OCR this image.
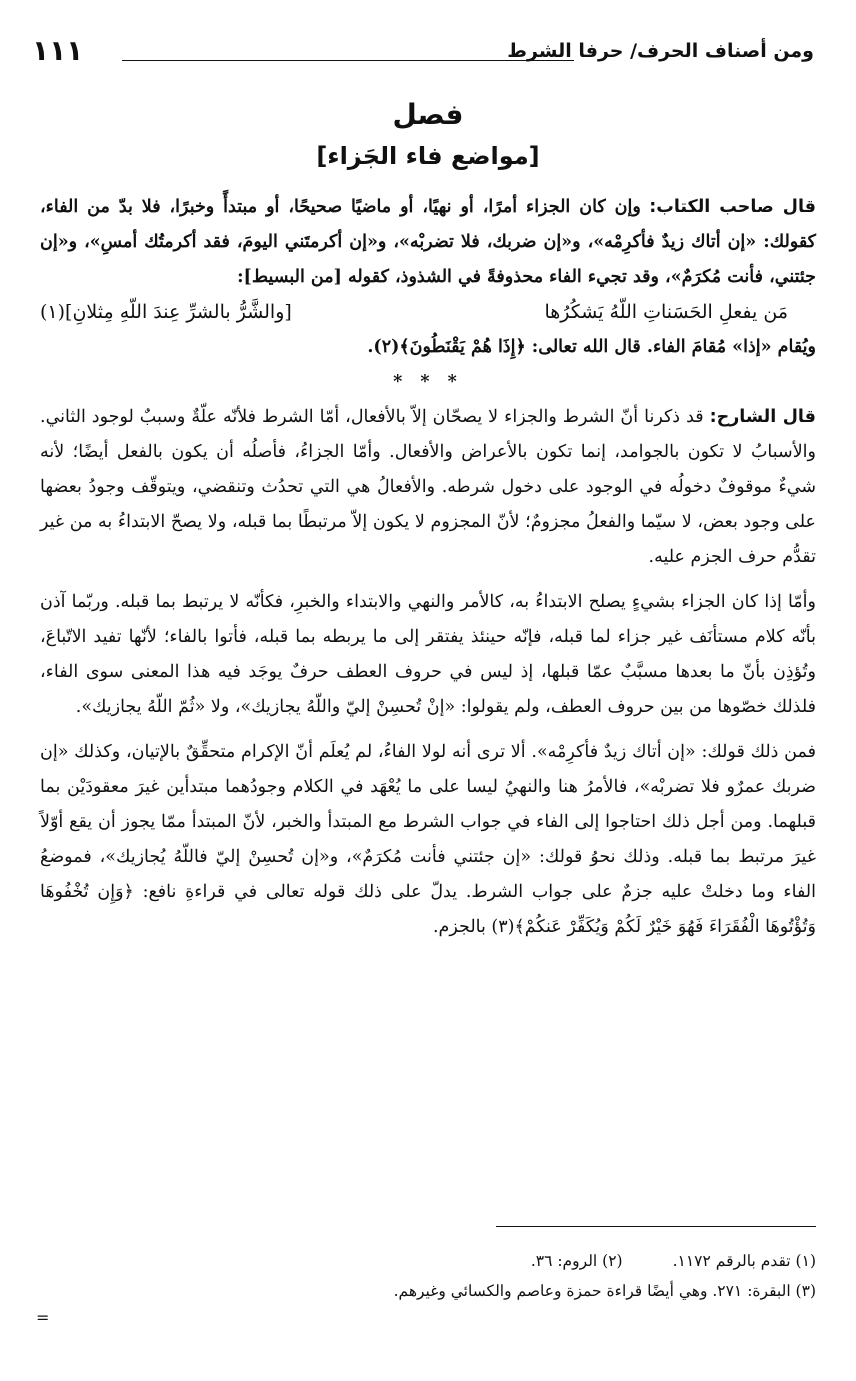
ومن أصناف الحرف/ حرفا الشرط
١١١
فصل
[مواضع فاء الجَزاء]

قال صاحب الكتاب: وإن كان الجزاء أمرًا، أو نهيًا، أو ماضيًا صحيحًا، أو مبتدأً وخبرًا، فلا بدّ من الفاء، كقولك: «إن أتاك زيدٌ فأكرِمْه»، و«إن ضربك، فلا تضربْه»، و«إن أكرمتَني اليومَ، فقد أكرمتُك أمسِ»، و«إن جئتني، فأنت مُكرَمٌ»، وقد تجيء الفاء محذوفةً في الشذوذ، كقوله [من البسيط]:

مَن يفعلِ الحَسَناتِ اللّهُ يَشكُرُها
[والشَّرُّ بالشرِّ عِندَ اللّهِ مِثلانِ](١)

ويُقام «إذا» مُقامَ الفاء. قال الله تعالى: ﴿إِذَا هُمْ يَقْنَطُونَ﴾(٢).

* * *

قال الشارح: قد ذكرنا أنّ الشرط والجزاء لا يصحّان إلاّ بالأفعال، أمّا الشرط فلأنّه علّةٌ وسببٌ لوجود الثاني. والأسبابُ لا تكون بالجوامد، إنما تكون بالأعراض والأفعال. وأمّا الجزاءُ، فأصلُه أن يكون بالفعل أيضًا؛ لأنه شيءٌ موقوفٌ دخولُه في الوجود على دخول شرطه. والأفعالُ هي التي تحدُث وتنقضي، ويتوقّف وجودُ بعضها على وجود بعض، لا سيّما والفعلُ مجزومٌ؛ لأنّ المجزوم لا يكون إلاّ مرتبطًا بما قبله، ولا يصحّ الابتداءُ به من غير تقدُّم حرف الجزم عليه.

وأمّا إذا كان الجزاء بشيءٍ يصلح الابتداءُ به، كالأمر والنهي والابتداء والخبرِ، فكأنّه لا يرتبط بما قبله. وربّما آذن بأنّه كلام مستأنَف غير جزاء لما قبله، فإنّه حينئذ يفتقر إلى ما يربطه بما قبله، فأتوا بالفاء؛ لأنّها تفيد الاتّباعَ، وتُؤذِن بأنّ ما بعدها مسبَّبٌ عمّا قبلها، إذ ليس في حروف العطف حرفٌ يوجَد فيه هذا المعنى سوى الفاء، فلذلك خصّوها من بين حروف العطف، ولم يقولوا: «إنْ تُحسِنْ إليّ واللّهُ يجازيك»، ولا «ثُمّ اللّهُ يجازيك».

فمن ذلك قولك: «إن أتاك زيدٌ فأكرِمْه». ألا ترى أنه لولا الفاءُ، لم يُعلَم أنّ الإكرام متحقِّقٌ بالإتيان، وكذلك «إن ضربك عمرٌو فلا تضربْه»، فالأمرُ هنا والنهيُ ليسا على ما يُعْهَد في الكلام وجودُهما مبتدأين غيرَ معقودَيْن بما قبلهما. ومن أجل ذلك احتاجوا إلى الفاء في جواب الشرط مع المبتدأ والخبر، لأنّ المبتدأ ممّا يجوز أن يقع أوّلاً غيرَ مرتبط بما قبله. وذلك نحوُ قولك: «إن جئتني فأنت مُكرَمٌ»، و«إن تُحسِنْ إليّ فاللّهُ يُجازيك»، فموضعُ الفاء وما دخلتْ عليه جزمٌ على جواب الشرط. يدلّ على ذلك قوله تعالى في قراءةِ نافع: ﴿وَإِن تُخْفُوهَا وَتُؤْتُوهَا الْفُقَرَاءَ فَهُوَ خَيْرٌ لَكُمْ وَيُكَفِّرْ عَنكُمْ﴾(٣) بالجزم.

(١) تقدم بالرقم ١١٧٢.
(٢) الروم: ٣٦.
(٣) البقرة: ٢٧١. وهي أيضًا قراءة حمزة وعاصم والكسائي وغيرهم.
=
